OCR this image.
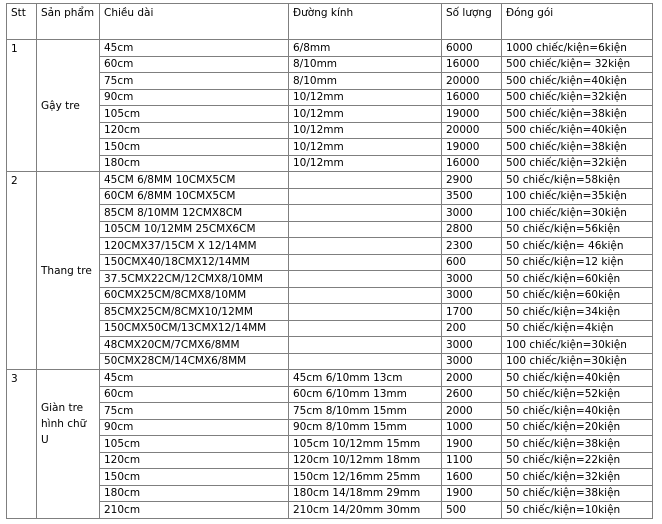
Stt	Sản phẩm	Chiều dài	Đường kính	Số lượng	Đóng gói
1	Gậy tre	45cm	6/8mm	6000	1000 chiếc/kiện=6kiện
		60cm	8/10mm	16000	500 chiếc/kiện= 32kiện
		75cm	8/10mm	20000	500 chiếc/kiện=40kiện
		90cm	10/12mm	16000	500 chiếc/kiện=32kiện
		105cm	10/12mm	19000	500 chiếc/kiện=38kiện
		120cm	10/12mm	20000	500 chiếc/kiện=40kiện
		150cm	10/12mm	19000	500 chiếc/kiện=38kiện
		180cm	10/12mm	16000	500 chiếc/kiện=32kiện
2	Thang tre	45CM 6/8MM 10CMX5CM		2900	50 chiếc/kiện=58kiện
		60CM 6/8MM 10CMX5CM		3500	100 chiếc/kiện=35kiện
		85CM 8/10MM 12CMX8CM		3000	100 chiếc/kiện=30kiện
		105CM 10/12MM 25CMX6CM		2800	50 chiếc/kiện=56kiện
		120CMX37/15CM X 12/14MM		2300	50 chiếc/kiện= 46kiện
		150CMX40/18CMX12/14MM		600	50 chiếc/kiện=12 kiện
		37.5CMX22CM/12CMX8/10MM		3000	50 chiếc/kiện=60kiện
		60CMX25CM/8CMX8/10MM		3000	50 chiếc/kiện=60kiện
		85CMX25CM/8CMX10/12MM		1700	50 chiếc/kiện=34kiện
		150CMX50CM/13CMX12/14MM		200	50 chiếc/kiện=4kiện
		48CMX20CM/7CMX6/8MM		3000	100 chiếc/kiện=30kiện
		50CMX28CM/14CMX6/8MM		3000	100 chiếc/kiện=30kiện
3	Giàn tre hình chữ U	45cm	45cm 6/10mm 13cm	2000	50 chiếc/kiện=40kiện
		60cm	60cm 6/10mm 13mm	2600	50 chiếc/kiện=52kiện
		75cm	75cm 8/10mm 15mm	2000	50 chiếc/kiện=40kiện
		90cm	90cm 8/10mm 15mm	1000	50 chiếc/kiện=20kiện
		105cm	105cm 10/12mm 15mm	1900	50 chiếc/kiện=38kiện
		120cm	120cm 10/12mm 18mm	1100	50 chiếc/kiện=22kiện
		150cm	150cm 12/16mm 25mm	1600	50 chiếc/kiện=32kiện
		180cm	180cm 14/18mm 29mm	1900	50 chiếc/kiện=38kiện
		210cm	210cm 14/20mm 30mm	500	50 chiếc/kiện=10kiện
